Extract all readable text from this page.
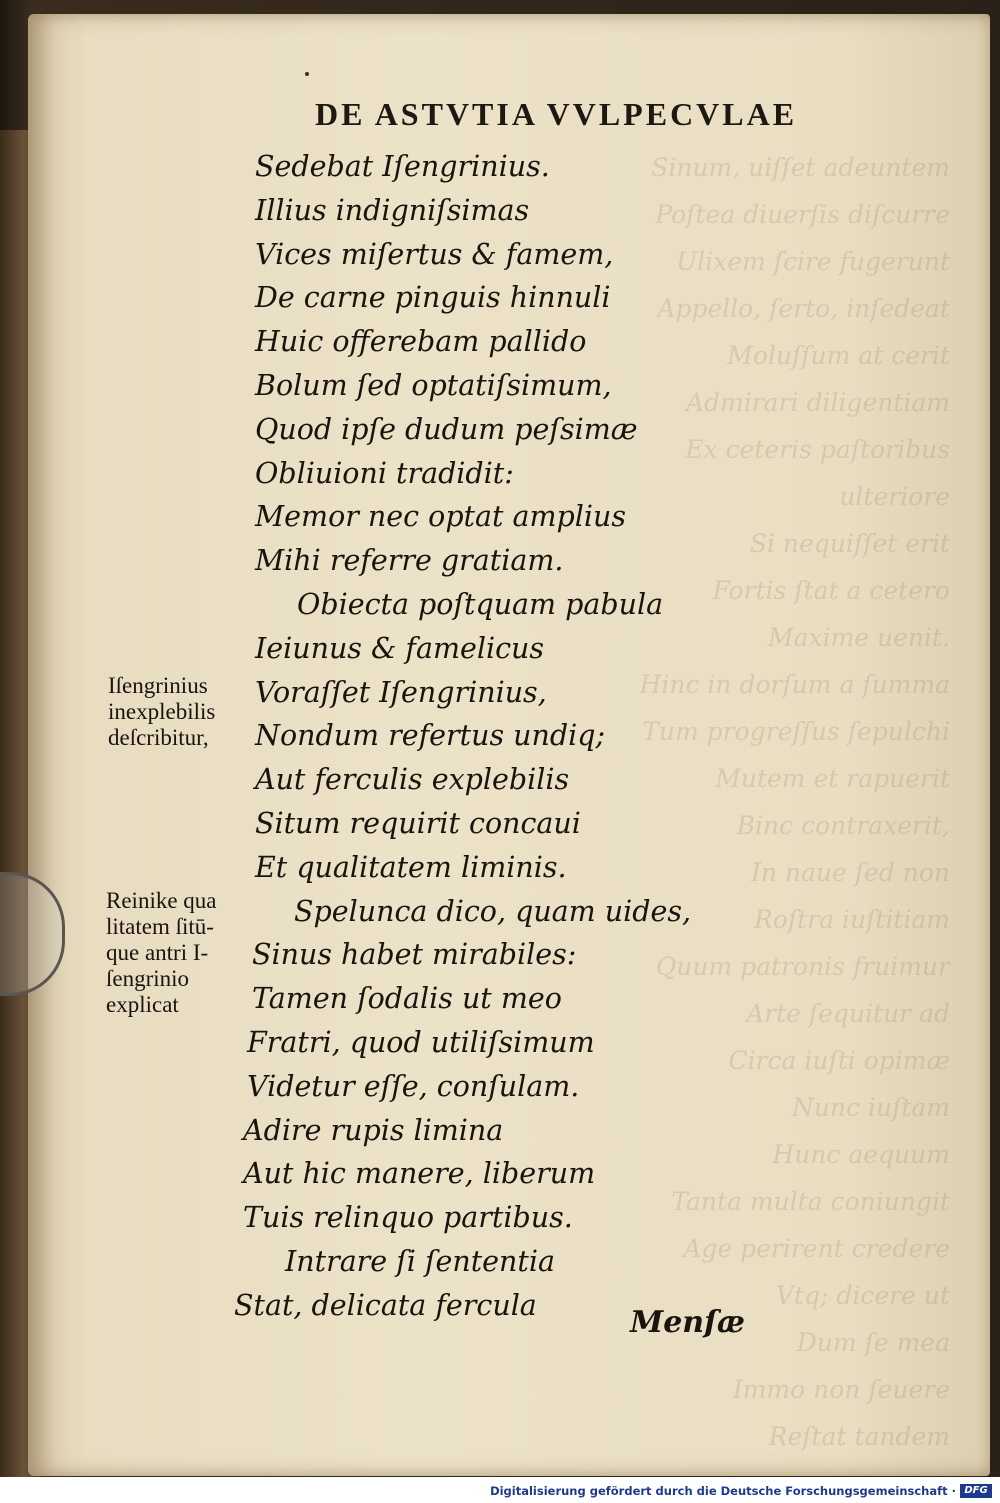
Sinum, uiſſet adeuntem
Poſtea diuerſis diſcurre
Ulixem ſcire fugerunt
Appello, ſerto, inſedeat
Moluſſum at cerit
Admirari diligentiam
Ex ceteris paſtoribus ulteriore
Si nequiſſet erit
Fortis ſtat a cetero
Maxime uenit.
Hinc in dorſum a ſumma
Tum progreſſus ſepulchi
Mutem et rapuerit
Binc contraxerit,
In naue ſed non
Roſtra iuſtitiam
Quum patronis fruimur
Arte ſequitur ad
Circa iuſti opimæ
Nunc iuſtam
Hunc aequum
Tanta multa coniungit
Age perirent credere
Vtq; dicere ut
Dum ſe mea
Immo non ſeuere
Reſtat tandem
DE ASTVTIA VVLPECVLAE
Sedebat Iſengrinius.
Illius indigniſsimas
Vices miſertus & famem,
De carne pinguis hinnuli
Huic offerebam pallido
Bolum ſed optatiſsimum,
Quod ipſe dudum peſsimæ
Obliuioni tradidit:
Memor nec optat amplius
Mihi referre gratiam.
Obiecta poſtquam pabula
Ieiunus & famelicus
Voraſſet Iſengrinius,
Nondum refertus undiq;
Aut ferculis explebilis
Situm requirit concaui
Et qualitatem liminis.
Spelunca dico, quam uides,
Sinus habet mirabiles:
Tamen ſodalis ut meo
Fratri, quod utiliſsimum
Videtur eſſe, conſulam.
Adire rupis limina
Aut hic manere, liberum
Tuis relinquo partibus.
Intrare ſi ſententia
Stat, delicata fercula
Iſengrinius
inexplebilis
deſcribitur,
Reinike qua
litatem ſitū-
que antri I-
ſengrinio
explicat
Menſæ
Digitalisierung gefördert durch die Deutsche Forschungsgemeinschaft · DFG
